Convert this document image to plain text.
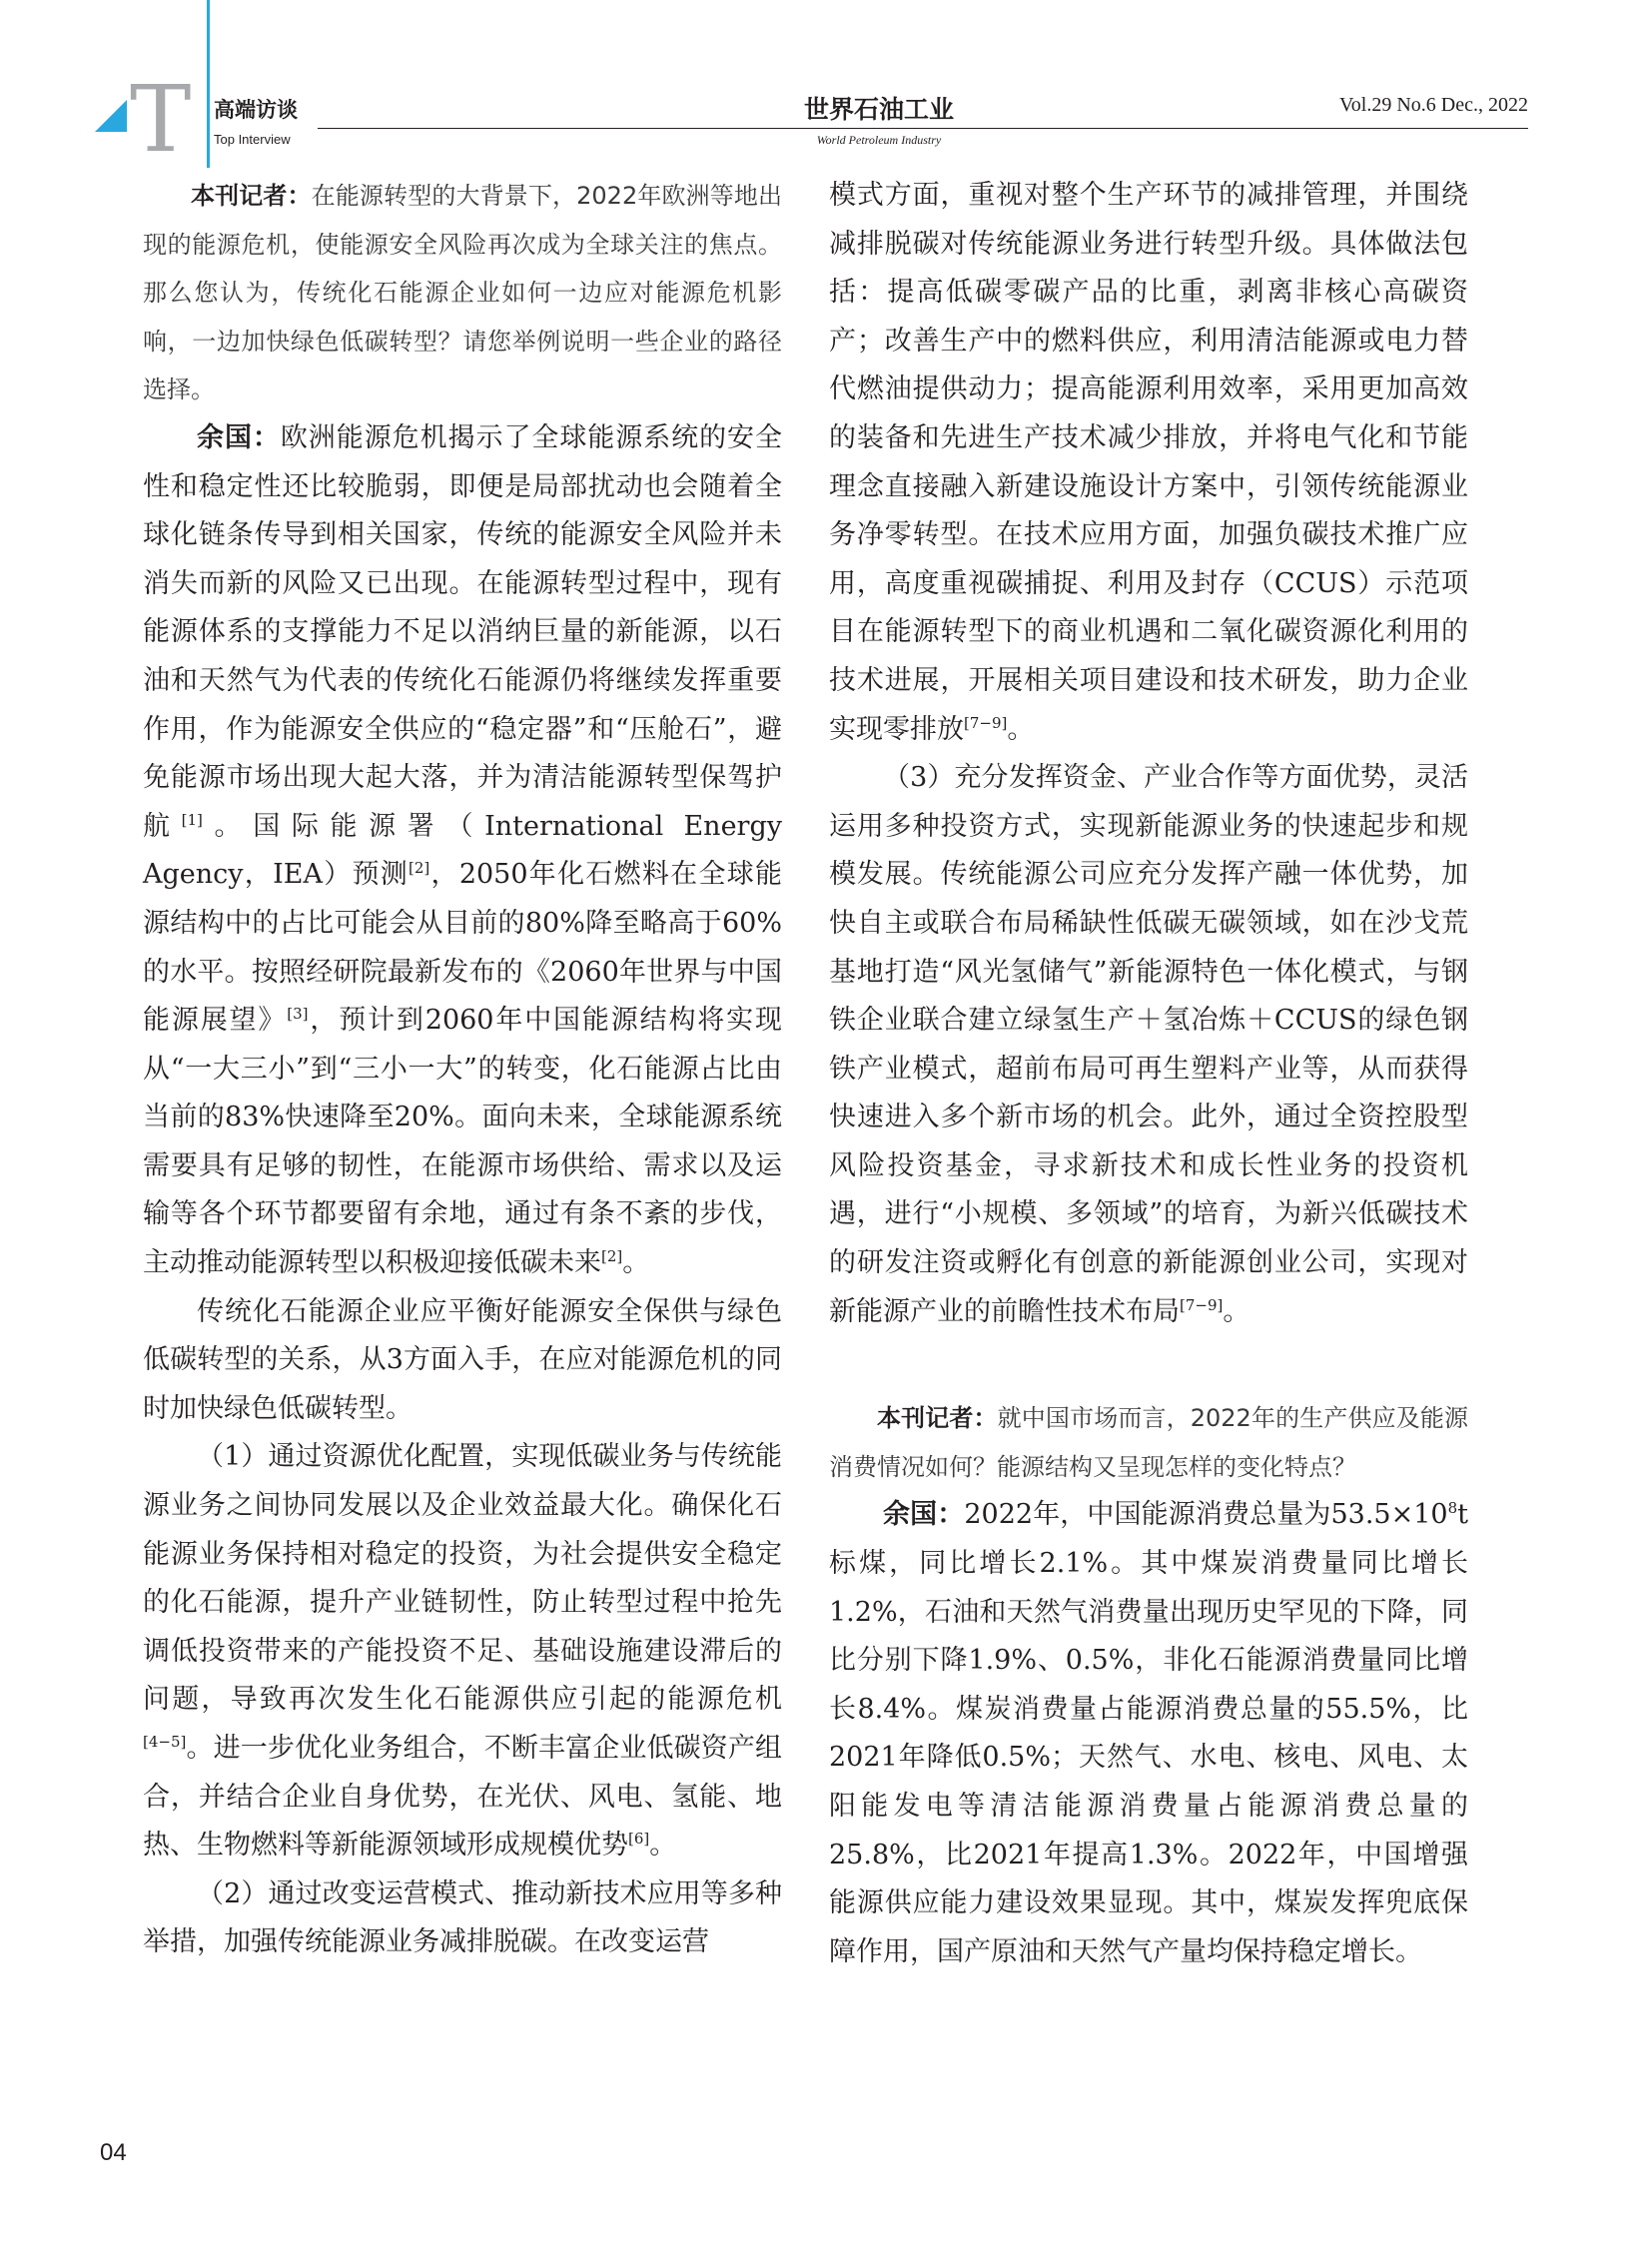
T 高端访谈
Top Interview
世界石油工业
World Petroleum Industry
Vol.29 No.6 Dec., 2022

本刊记者：在能源转型的大背景下，2022年欧洲等地出现的能源危机，使能源安全风险再次成为全球关注的焦点。那么您认为，传统化石能源企业如何一边应对能源危机影响，一边加快绿色低碳转型？请您举例说明一些企业的路径选择。

余国：欧洲能源危机揭示了全球能源系统的安全性和稳定性还比较脆弱，即便是局部扰动也会随着全球化链条传导到相关国家，传统的能源安全风险并未消失而新的风险又已出现。在能源转型过程中，现有能源体系的支撑能力不足以消纳巨量的新能源，以石油和天然气为代表的传统化石能源仍将继续发挥重要作用，作为能源安全供应的“稳定器”和“压舱石”，避免能源市场出现大起大落，并为清洁能源转型保驾护航[1]。国际能源署（International Energy Agency，IEA）预测[2]，2050年化石燃料在全球能源结构中的占比可能会从目前的80%降至略高于60%的水平。按照经研院最新发布的《2060年世界与中国能源展望》[3]，预计到2060年中国能源结构将实现从“一大三小”到“三小一大”的转变，化石能源占比由当前的83%快速降至20%。面向未来，全球能源系统需要具有足够的韧性，在能源市场供给、需求以及运输等各个环节都要留有余地，通过有条不紊的步伐，主动推动能源转型以积极迎接低碳未来[2]。

传统化石能源企业应平衡好能源安全保供与绿色低碳转型的关系，从3方面入手，在应对能源危机的同时加快绿色低碳转型。

（1）通过资源优化配置，实现低碳业务与传统能源业务之间协同发展以及企业效益最大化。确保化石能源业务保持相对稳定的投资，为社会提供安全稳定的化石能源，提升产业链韧性，防止转型过程中抢先调低投资带来的产能投资不足、基础设施建设滞后的问题，导致再次发生化石能源供应引起的能源危机[4−5]。进一步优化业务组合，不断丰富企业低碳资产组合，并结合企业自身优势，在光伏、风电、氢能、地热、生物燃料等新能源领域形成规模优势[6]。

（2）通过改变运营模式、推动新技术应用等多种举措，加强传统能源业务减排脱碳。在改变运营

模式方面，重视对整个生产环节的减排管理，并围绕减排脱碳对传统能源业务进行转型升级。具体做法包括：提高低碳零碳产品的比重，剥离非核心高碳资产；改善生产中的燃料供应，利用清洁能源或电力替代燃油提供动力；提高能源利用效率，采用更加高效的装备和先进生产技术减少排放，并将电气化和节能理念直接融入新建设施设计方案中，引领传统能源业务净零转型。在技术应用方面，加强负碳技术推广应用，高度重视碳捕捉、利用及封存（CCUS）示范项目在能源转型下的商业机遇和二氧化碳资源化利用的技术进展，开展相关项目建设和技术研发，助力企业实现零排放[7−9]。

（3）充分发挥资金、产业合作等方面优势，灵活运用多种投资方式，实现新能源业务的快速起步和规模发展。传统能源公司应充分发挥产融一体优势，加快自主或联合布局稀缺性低碳无碳领域，如在沙戈荒基地打造“风光氢储气”新能源特色一体化模式，与钢铁企业联合建立绿氢生产＋氢冶炼＋CCUS的绿色钢铁产业模式，超前布局可再生塑料产业等，从而获得快速进入多个新市场的机会。此外，通过全资控股型风险投资基金，寻求新技术和成长性业务的投资机遇，进行“小规模、多领域”的培育，为新兴低碳技术的研发注资或孵化有创意的新能源创业公司，实现对新能源产业的前瞻性技术布局[7−9]。

本刊记者：就中国市场而言，2022年的生产供应及能源消费情况如何？能源结构又呈现怎样的变化特点？

余国：2022年，中国能源消费总量为$53.5\times 10^8t$标煤，同比增长2.1%。其中煤炭消费量同比增长1.2%，石油和天然气消费量出现历史罕见的下降，同比分别下降1.9%、0.5%，非化石能源消费量同比增长8.4%。煤炭消费量占能源消费总量的55.5%，比2021年降低0.5%；天然气、水电、核电、风电、太阳能发电等清洁能源消费量占能源消费总量的25.8%，比2021年提高1.3%。2022年，中国增强能源供应能力建设效果显现。其中，煤炭发挥兜底保障作用，国产原油和天然气产量均保持稳定增长。

04
